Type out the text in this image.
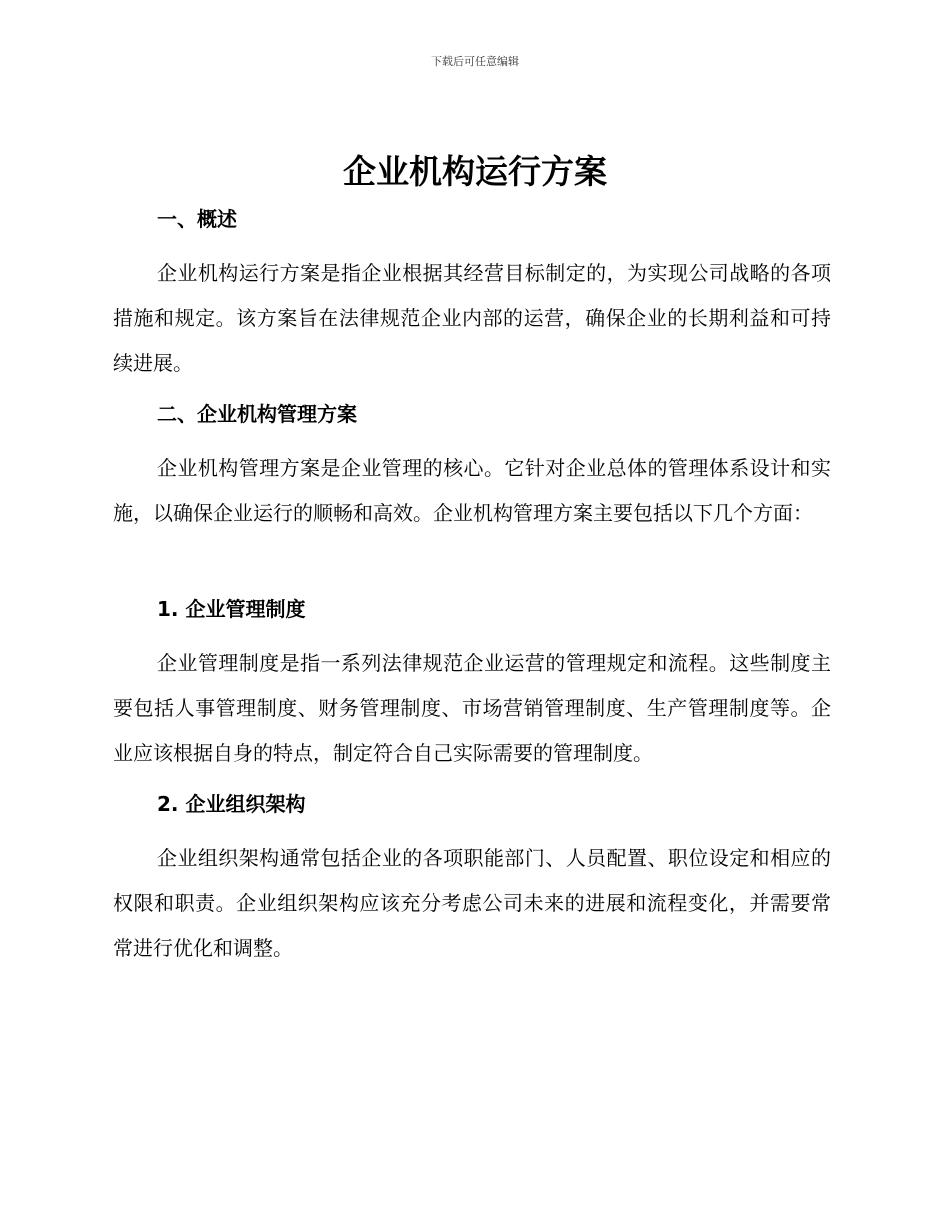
下载后可任意编辑
企业机构运行方案
一、概述

企业机构运行方案是指企业根据其经营目标制定的，为实现公司战略的各项措施和规定。该方案旨在法律规范企业内部的运营，确保企业的长期利益和可持续进展。

二、企业机构管理方案

企业机构管理方案是企业管理的核心。它针对企业总体的管理体系设计和实施，以确保企业运行的顺畅和高效。企业机构管理方案主要包括以下几个方面：

1. 企业管理制度

企业管理制度是指一系列法律规范企业运营的管理规定和流程。这些制度主要包括人事管理制度、财务管理制度、市场营销管理制度、生产管理制度等。企业应该根据自身的特点，制定符合自己实际需要的管理制度。

2. 企业组织架构

企业组织架构通常包括企业的各项职能部门、人员配置、职位设定和相应的权限和职责。企业组织架构应该充分考虑公司未来的进展和流程变化，并需要常常进行优化和调整。
